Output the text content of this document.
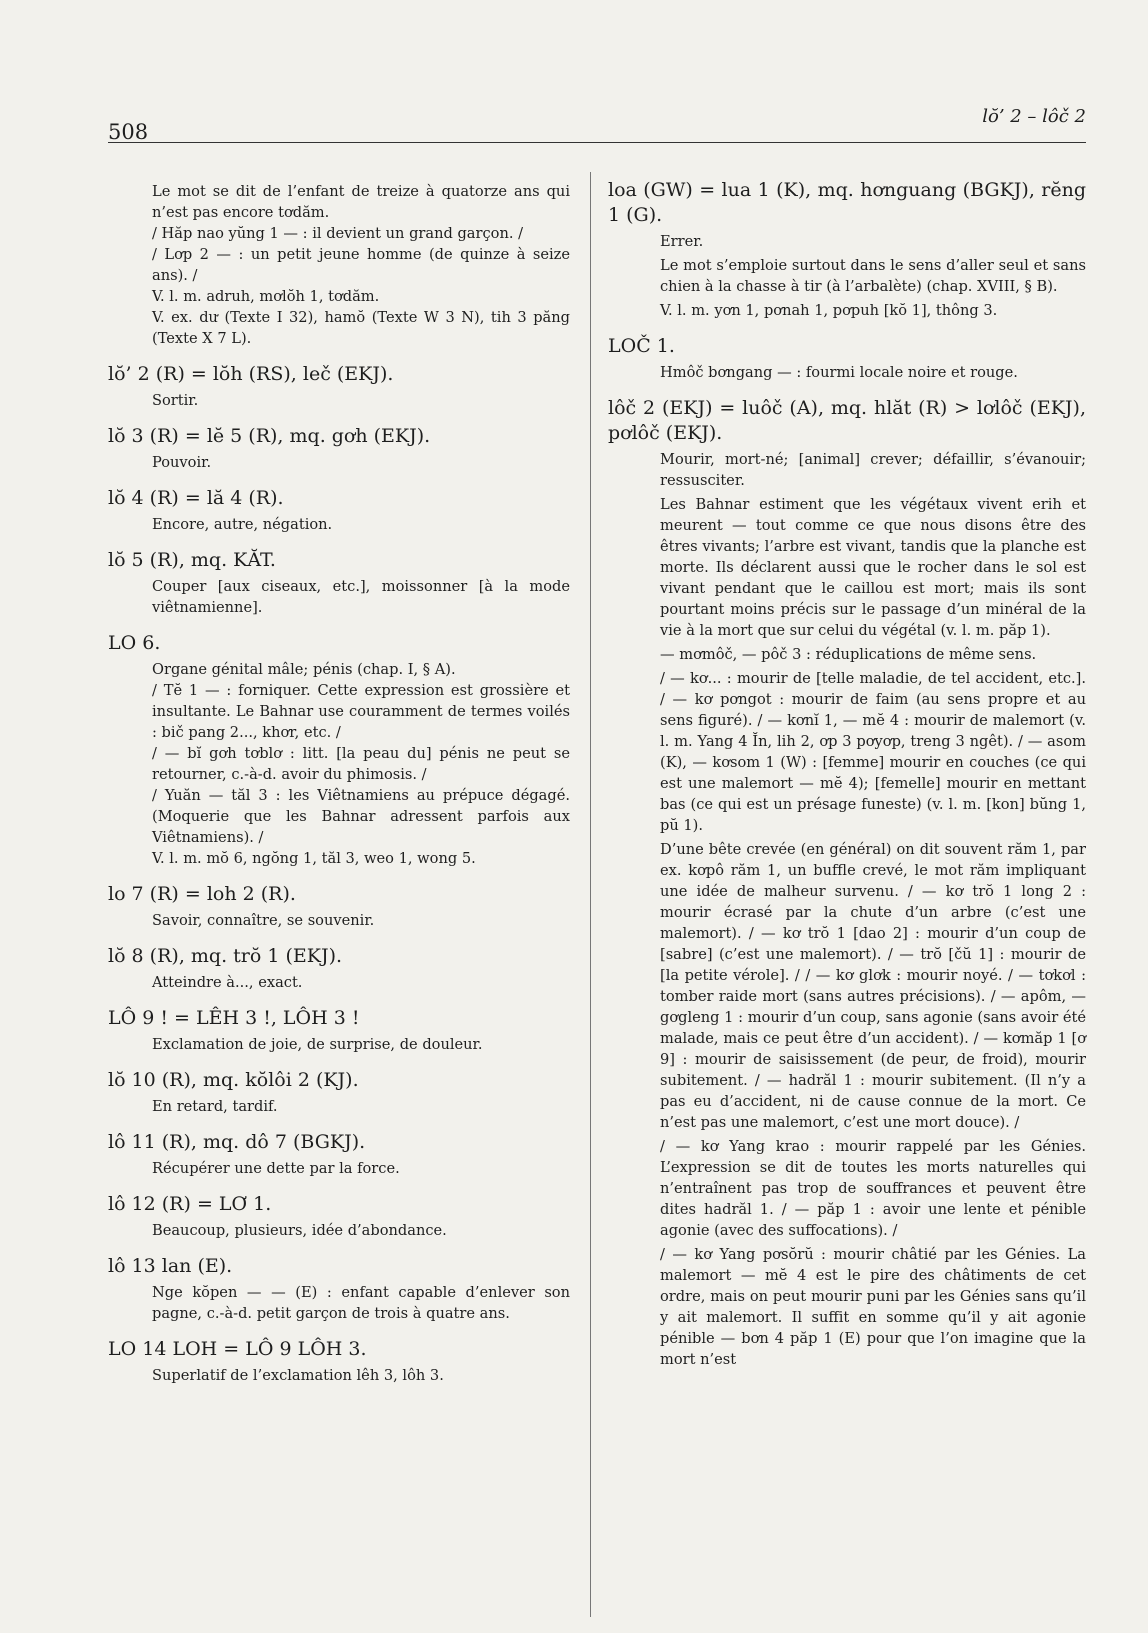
508
lŏ’ 2 – lôč 2
Le mot se dit de l’enfant de treize à quatorze ans qui n’est pas encore tơdăm.
/ Hăp nao yŭng 1 — : il devient un grand garçon. /
/ Lơp 2 — : un petit jeune homme (de quinze à seize ans). /
V. l. m. adruh, mơlŏh 1, tơdăm.
V. ex. dư (Texte I 32), hamŏ (Texte W 3 N), tih 3 păng (Texte X 7 L).
lŏ’ 2 (R) = lŏh (RS), leč (EKJ).
Sortir.
lŏ 3 (R) = lĕ 5 (R), mq. gơh (EKJ).
Pouvoir.
lŏ 4 (R) = lă 4 (R).
Encore, autre, négation.
lŏ 5 (R), mq. KĂT.
Couper [aux ciseaux, etc.], moissonner [à la mode viêtnamienne].
LO 6.
Organe génital mâle; pénis (chap. I, § A).
/ Tĕ 1 — : forniquer. Cette expression est grossière et insultante. Le Bahnar use couramment de termes voilés : bič pang 2..., khơr, etc. /
/ — bĭ gơh tơblơ : litt. [la peau du] pénis ne peut se retourner, c.-à-d. avoir du phimosis. /
/ Yuăn — tăl 3 : les Viêtnamiens au prépuce dégagé. (Moquerie que les Bahnar adressent parfois aux Viêtnamiens). /
V. l. m. mŏ 6, ngŏng 1, tăl 3, weo 1, wong 5.
lo 7 (R) = loh 2 (R).
Savoir, connaître, se souvenir.
lŏ 8 (R), mq. trŏ 1 (EKJ).
Atteindre à..., exact.
LÔ 9 ! = LÊH 3 !, LÔH 3 !
Exclamation de joie, de surprise, de douleur.
lŏ 10 (R), mq. kŏlôi 2 (KJ).
En retard, tardif.
lô 11 (R), mq. dô 7 (BGKJ).
Récupérer une dette par la force.
lô 12 (R) = LƠ 1.
Beaucoup, plusieurs, idée d’abondance.
lô 13 lan (E).
Nge kŏpen — — (E) : enfant capable d’enlever son pagne, c.-à-d. petit garçon de trois à quatre ans.
LO 14 LOH = LÔ 9 LÔH 3.
Superlatif de l’exclamation lêh 3, lôh 3.
loa (GW) = lua 1 (K), mq. hơnguang (BGKJ), rĕng 1 (G).
Errer.
Le mot s’emploie surtout dans le sens d’aller seul et sans chien à la chasse à tir (à l’arbalète) (chap. XVIII, § B).
V. l. m. yơn 1, pơnah 1, pơpuh [kŏ 1], thông 3.
LOČ 1.
Hmôč bơngang — : fourmi locale noire et rouge.
lôč 2 (EKJ) = luôč (A), mq. hlăt (R) > lơlôč (EKJ), pơlôč (EKJ).
Mourir, mort-né; [animal] crever; défaillir, s’évanouir; ressusciter.
Les Bahnar estiment que les végétaux vivent erih et meurent — tout comme ce que nous disons être des êtres vivants; l’arbre est vivant, tandis que la planche est morte. Ils déclarent aussi que le rocher dans le sol est vivant pendant que le caillou est mort; mais ils sont pourtant moins précis sur le passage d’un minéral de la vie à la mort que sur celui du végétal (v. l. m. păp 1).
— mơmôč, — pôč 3 : réduplications de même sens.
/ — kơ... : mourir de [telle maladie, de tel accident, etc.]. / — kơ pơngot : mourir de faim (au sens propre et au sens figuré). / — kơnĭ 1, — mĕ 4 : mourir de malemort (v. l. m. Yang 4 Ĭn, lih 2, ơp 3 pơyơp, treng 3 ngêt). / — asom (K), — kơsom 1 (W) : [femme] mourir en couches (ce qui est une malemort — mĕ 4); [femelle] mourir en mettant bas (ce qui est un présage funeste) (v. l. m. [kon] bŭng 1, pŭ 1).
D’une bête crevée (en général) on dit souvent răm 1, par ex. kơpô răm 1, un buffle crevé, le mot răm impliquant une idée de malheur survenu. / — kơ trŏ 1 long 2 : mourir écrasé par la chute d’un arbre (c’est une malemort). / — kơ trŏ 1 [dao 2] : mourir d’un coup de [sabre] (c’est une malemort). / — trŏ [čŭ 1] : mourir de [la petite vérole]. / / — kơ glơk : mourir noyé. / — tơkơl : tomber raide mort (sans autres précisions). / — apôm, — gơgleng 1 : mourir d’un coup, sans agonie (sans avoir été malade, mais ce peut être d’un accident). / — kơmăp 1 [ơ 9] : mourir de saisissement (de peur, de froid), mourir subitement. / — hadrăl 1 : mourir subitement. (Il n’y a pas eu d’accident, ni de cause connue de la mort. Ce n’est pas une malemort, c’est une mort douce). /
/ — kơ Yang krao : mourir rappelé par les Génies. L’expression se dit de toutes les morts naturelles qui n’entraînent pas trop de souffrances et peuvent être dites hadrăl 1. / — păp 1 : avoir une lente et pénible agonie (avec des suffocations). /
/ — kơ Yang pơsŏrŭ : mourir châtié par les Génies. La malemort — mĕ 4 est le pire des châtiments de cet ordre, mais on peut mourir puni par les Génies sans qu’il y ait malemort. Il suffit en somme qu’il y ait agonie pénible — bơn 4 păp 1 (E) pour que l’on imagine que la mort n’est
